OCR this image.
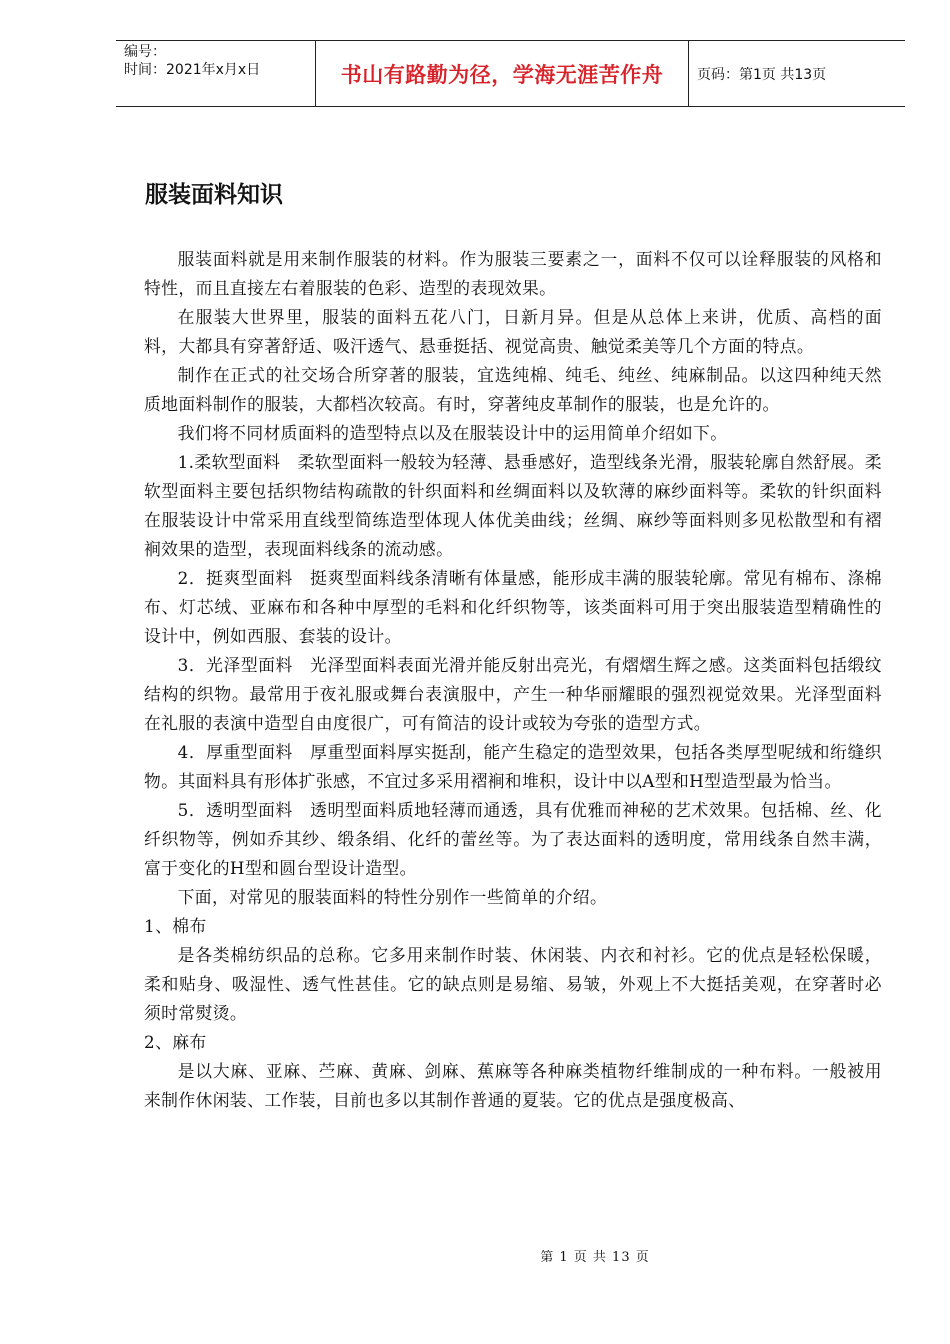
编号：
时间：2021年x月x日	书山有路勤为径，学海无涯苦作舟	页码：第1页 共13页
服装面料知识

服装面料就是用来制作服装的材料。作为服装三要素之一，面料不仅可以诠释服装的风格和特性，而且直接左右着服装的色彩、造型的表现效果。

在服装大世界里，服装的面料五花八门，日新月异。但是从总体上来讲，优质、高档的面料，大都具有穿著舒适、吸汗透气、悬垂挺括、视觉高贵、触觉柔美等几个方面的特点。

制作在正式的社交场合所穿著的服装，宜选纯棉、纯毛、纯丝、纯麻制品。以这四种纯天然质地面料制作的服装，大都档次较高。有时，穿著纯皮革制作的服装，也是允许的。

我们将不同材质面料的造型特点以及在服装设计中的运用简单介绍如下。

1.柔软型面料　柔软型面料一般较为轻薄、悬垂感好，造型线条光滑，服装轮廓自然舒展。柔软型面料主要包括织物结构疏散的针织面料和丝绸面料以及软薄的麻纱面料等。柔软的针织面料在服装设计中常采用直线型简练造型体现人体优美曲线；丝绸、麻纱等面料则多见松散型和有褶裥效果的造型，表现面料线条的流动感。

2．挺爽型面料　挺爽型面料线条清晰有体量感，能形成丰满的服装轮廓。常见有棉布、涤棉布、灯芯绒、亚麻布和各种中厚型的毛料和化纤织物等，该类面料可用于突出服装造型精确性的设计中，例如西服、套装的设计。

3．光泽型面料　光泽型面料表面光滑并能反射出亮光，有熠熠生辉之感。这类面料包括缎纹结构的织物。最常用于夜礼服或舞台表演服中，产生一种华丽耀眼的强烈视觉效果。光泽型面料在礼服的表演中造型自由度很广，可有简洁的设计或较为夸张的造型方式。

4．厚重型面料　厚重型面料厚实挺刮，能产生稳定的造型效果，包括各类厚型呢绒和绗缝织物。其面料具有形体扩张感，不宜过多采用褶裥和堆积，设计中以A型和H型造型最为恰当。

5．透明型面料　透明型面料质地轻薄而通透，具有优雅而神秘的艺术效果。包括棉、丝、化纤织物等，例如乔其纱、缎条绢、化纤的蕾丝等。为了表达面料的透明度，常用线条自然丰满，富于变化的H型和圆台型设计造型。

下面，对常见的服装面料的特性分别作一些简单的介绍。

1、棉布

是各类棉纺织品的总称。它多用来制作时装、休闲装、内衣和衬衫。它的优点是轻松保暖，柔和贴身、吸湿性、透气性甚佳。它的缺点则是易缩、易皱，外观上不大挺括美观，在穿著时必须时常熨烫。

2、麻布

是以大麻、亚麻、苎麻、黄麻、剑麻、蕉麻等各种麻类植物纤维制成的一种布料。一般被用来制作休闲装、工作装，目前也多以其制作普通的夏装。它的优点是强度极高、

第 1 页 共 13 页
